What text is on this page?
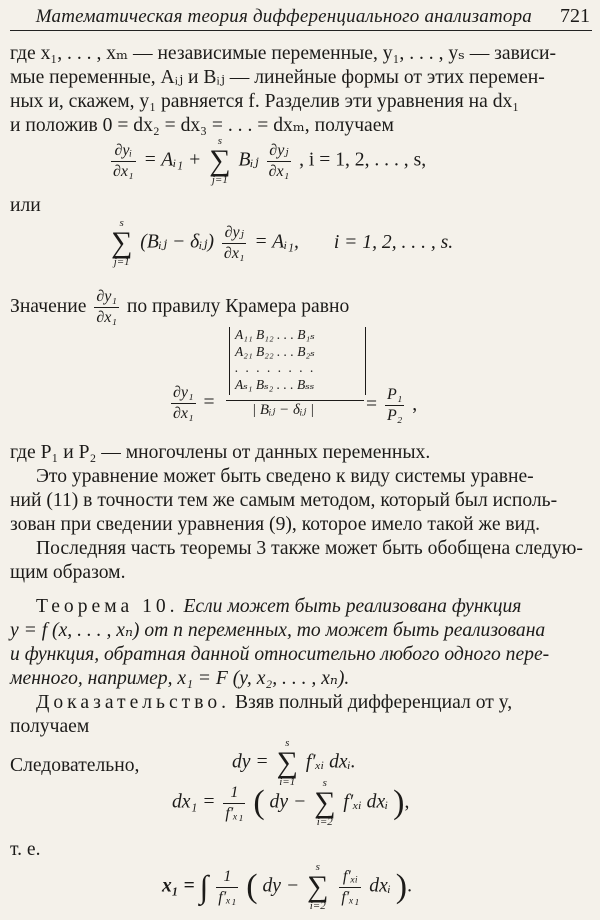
Математическая теория дифференциального анализатора 721
где x₁, . . . , xₘ — независимые переменные, y₁, . . . , yₛ — зависи-
мые переменные, Aᵢⱼ и Bᵢⱼ — линейные формы от этих перемен-
ных и, скажем, y₁ равняется f. Разделив эти уравнения на dx₁
и положив 0 = dx₂ = dx₃ = . . . = dxₘ, получаем
$\frac{\text{∂yᵢ}}{\text{∂x₁}}$ = Aᵢ₁ +
s
∑
j=1
Bᵢⱼ $\frac{\text{∂yⱼ}}{\text{∂x₁}}$ , i = 1, 2, . . . , s,
или
s
∑
j=1
(Bᵢⱼ − δᵢⱼ) $\frac{\text{∂yⱼ}}{\text{∂x₁}}$ = Aᵢ₁, i = 1, 2, . . . , s.
Значение $\frac{\text{∂y₁}}{\text{∂x₁}}$ по правилу Крамера равно
A₁₁ B₁₂ . . . B₁ₛ
A₂₁ B₂₂ . . . B₂ₛ
. . . . . . . .
Aₛ₁ Bₛ₂ . . . Bₛₛ
$\frac{\text{∂y₁}}{\text{∂x₁}}$ = | Bᵢⱼ − δᵢⱼ |	= $\frac{\text{P₁}}{\text{P₂}}$ ,
где P₁ и P₂ — многочлены от данных переменных.
Это уравнение может быть сведено к виду системы уравне-
ний (11) в точности тем же самым методом, который был исполь-
зован при сведении уравнения (9), которое имело такой же вид.
Последняя часть теоремы 3 также может быть обобщена следую-
щим образом.
Теорема 10. Если может быть реализована функция
y = f (x, . . . , xₙ) от n переменных, то может быть реализована
и функция, обратная данной относительно любого одного пере-
менного, например, x₁ = F (y, x₂, . . . , xₙ).
Доказательство. Взяв полный дифференциал от y,
получаем
dy =
s
∑
i=1
f′ₓᵢ dxᵢ.
Следовательно,
$dx_1 = \frac{1}{\text{f′ₓ₁}}$ ( dy −
s
∑
i=2
f′ₓᵢ dxᵢ ),
т. е.
x₁ = ∫ $\frac{1}{\text{f′ₓ₁}}$ ( dy −
s
∑
i=2
$\frac{\text{f′ₓᵢ}}{\text{f′ₓ₁}}$ dxᵢ ).
